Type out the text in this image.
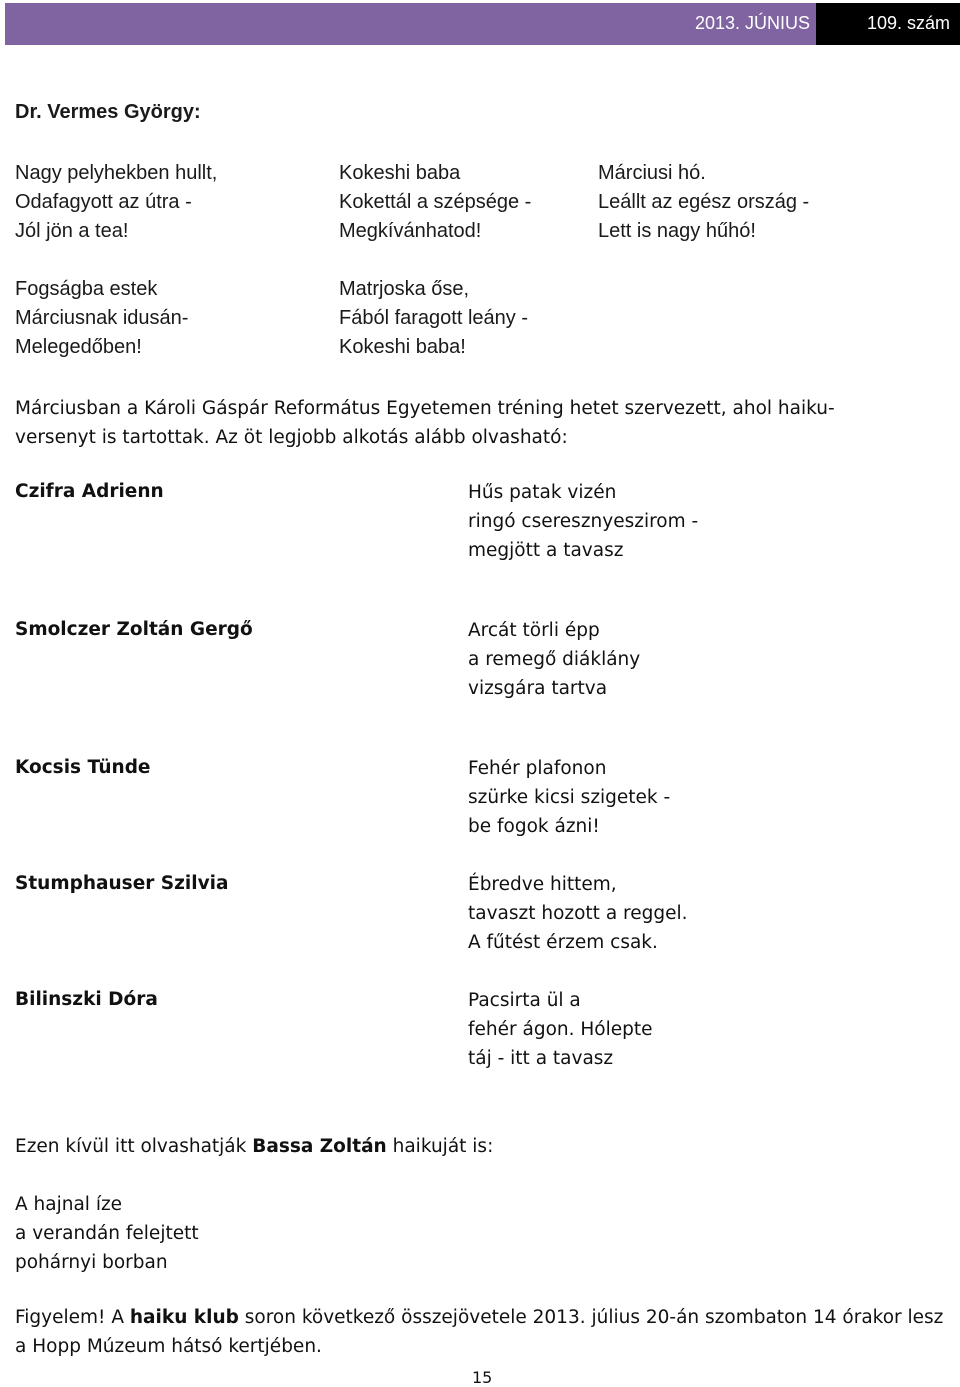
2013. JÚNIUS	109. szám
Dr. Vermes György:
Nagy pelyhekben hullt,
Odafagyott az útra -
Jól jön a tea!
Kokeshi baba
Kokettál a szépsége -
Megkívánhatod!
Márciusi hó.
Leállt az egész ország -
Lett is nagy hűhó!
Fogságba estek
Márciusnak idusán-
Melegedőben!
Matrjoska őse,
Fából faragott leány -
Kokeshi baba!
Márciusban a Károli Gáspár Református Egyetemen tréning hetet szervezett, ahol haiku-versenyt is tartottak. Az öt legjobb alkotás alább olvasható:
Czifra Adrienn	Hűs patak vizén
ringó cseresznyeszirom -
megjött a tavasz
Smolczer Zoltán Gergő	Arcát törli épp
a remegő diáklány
vizsgára tartva
Kocsis Tünde	Fehér plafonon
szürke kicsi szigetek -
be fogok ázni!
Stumphauser Szilvia	Ébredve hittem,
tavaszt hozott a reggel.
A fűtést érzem csak.
Bilinszki Dóra	Pacsirta ül a
fehér ágon. Hólepte
táj - itt a tavasz
Ezen kívül itt olvashatják Bassa Zoltán haikuját is:
A hajnal íze
a verandán felejtett
pohárnyi borban
Figyelem! A haiku klub soron következő összejövetele 2013. július 20-án szombaton 14 órakor lesz a Hopp Múzeum hátsó kertjében.
15
